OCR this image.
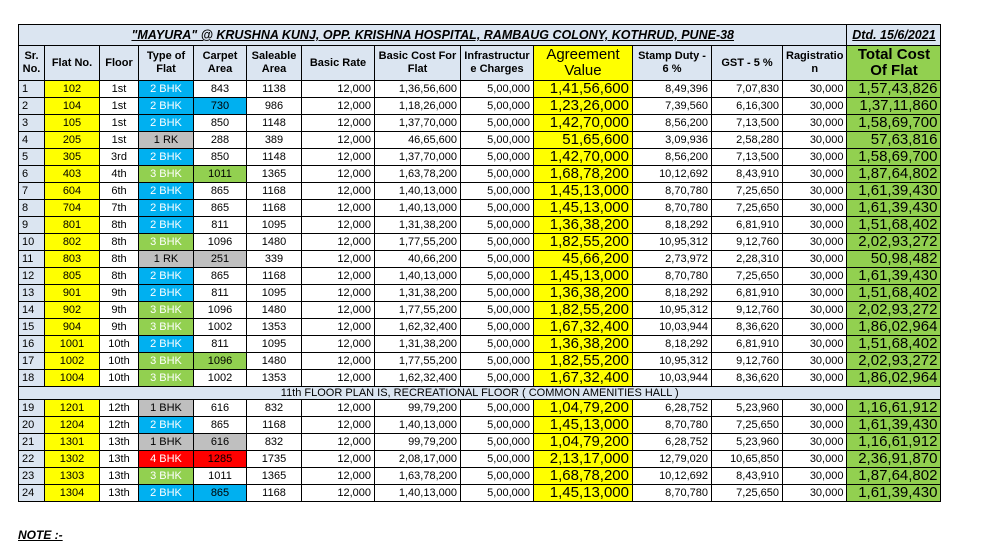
"MAYURA" @ KRUSHNA KUNJ, OPP. KRISHNA HOSPITAL, RAMBAUG COLONY, KOTHRUD, PUNE-38													Dtd. 15/6/2021
Sr. No.	Flat No.	Floor	Type of Flat	Carpet Area	Saleable Area	Basic Rate	Basic Cost For Flat	Infrastructur e Charges	Agreement Value	Stamp Duty - 6 %	GST - 5 %	Ragistratio n	Total Cost Of Flat
1	102	1st	2 BHK	843	1138	12,000	1,36,56,600	5,00,000	1,41,56,600	8,49,396	7,07,830	30,000	1,57,43,826
2	104	1st	2 BHK	730	986	12,000	1,18,26,000	5,00,000	1,23,26,000	7,39,560	6,16,300	30,000	1,37,11,860
3	105	1st	2 BHK	850	1148	12,000	1,37,70,000	5,00,000	1,42,70,000	8,56,200	7,13,500	30,000	1,58,69,700
4	205	1st	1 RK	288	389	12,000	46,65,600	5,00,000	51,65,600	3,09,936	2,58,280	30,000	57,63,816
5	305	3rd	2 BHK	850	1148	12,000	1,37,70,000	5,00,000	1,42,70,000	8,56,200	7,13,500	30,000	1,58,69,700
6	403	4th	3 BHK	1011	1365	12,000	1,63,78,200	5,00,000	1,68,78,200	10,12,692	8,43,910	30,000	1,87,64,802
7	604	6th	2 BHK	865	1168	12,000	1,40,13,000	5,00,000	1,45,13,000	8,70,780	7,25,650	30,000	1,61,39,430
8	704	7th	2 BHK	865	1168	12,000	1,40,13,000	5,00,000	1,45,13,000	8,70,780	7,25,650	30,000	1,61,39,430
9	801	8th	2 BHK	811	1095	12,000	1,31,38,200	5,00,000	1,36,38,200	8,18,292	6,81,910	30,000	1,51,68,402
10	802	8th	3 BHK	1096	1480	12,000	1,77,55,200	5,00,000	1,82,55,200	10,95,312	9,12,760	30,000	2,02,93,272
11	803	8th	1 RK	251	339	12,000	40,66,200	5,00,000	45,66,200	2,73,972	2,28,310	30,000	50,98,482
12	805	8th	2 BHK	865	1168	12,000	1,40,13,000	5,00,000	1,45,13,000	8,70,780	7,25,650	30,000	1,61,39,430
13	901	9th	2 BHK	811	1095	12,000	1,31,38,200	5,00,000	1,36,38,200	8,18,292	6,81,910	30,000	1,51,68,402
14	902	9th	3 BHK	1096	1480	12,000	1,77,55,200	5,00,000	1,82,55,200	10,95,312	9,12,760	30,000	2,02,93,272
15	904	9th	3 BHK	1002	1353	12,000	1,62,32,400	5,00,000	1,67,32,400	10,03,944	8,36,620	30,000	1,86,02,964
16	1001	10th	2 BHK	811	1095	12,000	1,31,38,200	5,00,000	1,36,38,200	8,18,292	6,81,910	30,000	1,51,68,402
17	1002	10th	3 BHK	1096	1480	12,000	1,77,55,200	5,00,000	1,82,55,200	10,95,312	9,12,760	30,000	2,02,93,272
18	1004	10th	3 BHK	1002	1353	12,000	1,62,32,400	5,00,000	1,67,32,400	10,03,944	8,36,620	30,000	1,86,02,964
11th FLOOR PLAN IS, RECREATIONAL FLOOR ( COMMON AMENITIES HALL )													
19	1201	12th	1 BHK	616	832	12,000	99,79,200	5,00,000	1,04,79,200	6,28,752	5,23,960	30,000	1,16,61,912
20	1204	12th	2 BHK	865	1168	12,000	1,40,13,000	5,00,000	1,45,13,000	8,70,780	7,25,650	30,000	1,61,39,430
21	1301	13th	1 BHK	616	832	12,000	99,79,200	5,00,000	1,04,79,200	6,28,752	5,23,960	30,000	1,16,61,912
22	1302	13th	4 BHK	1285	1735	12,000	2,08,17,000	5,00,000	2,13,17,000	12,79,020	10,65,850	30,000	2,36,91,870
23	1303	13th	3 BHK	1011	1365	12,000	1,63,78,200	5,00,000	1,68,78,200	10,12,692	8,43,910	30,000	1,87,64,802
24	1304	13th	2 BHK	865	1168	12,000	1,40,13,000	5,00,000	1,45,13,000	8,70,780	7,25,650	30,000	1,61,39,430
NOTE :-
